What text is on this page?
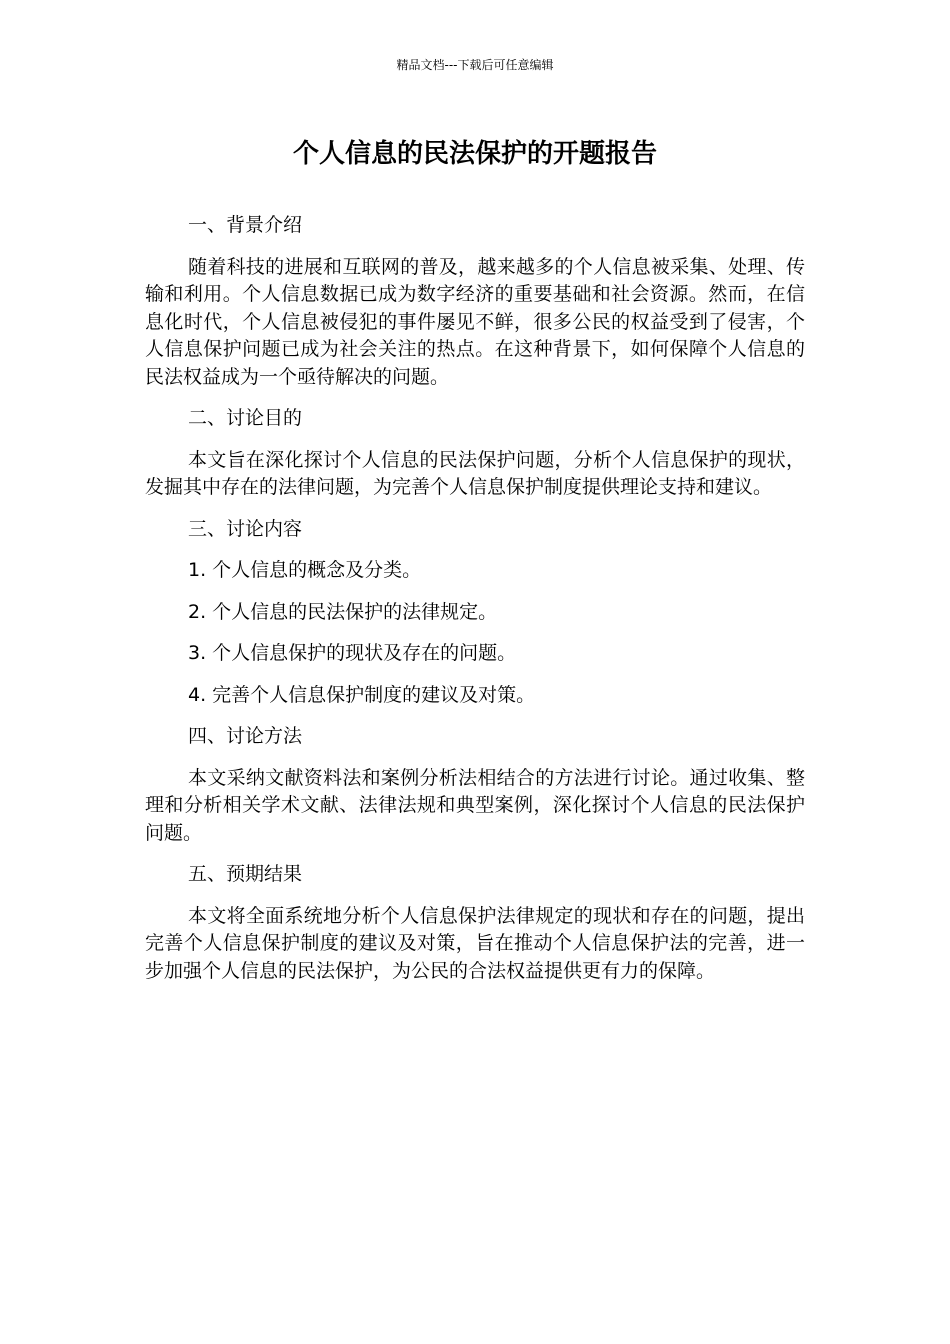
精品文档---下载后可任意编辑
个人信息的民法保护的开题报告

一、背景介绍

随着科技的进展和互联网的普及，越来越多的个人信息被采集、处理、传输和利用。个人信息数据已成为数字经济的重要基础和社会资源。然而，在信息化时代，个人信息被侵犯的事件屡见不鲜，很多公民的权益受到了侵害，个人信息保护问题已成为社会关注的热点。在这种背景下，如何保障个人信息的民法权益成为一个亟待解决的问题。

二、讨论目的

本文旨在深化探讨个人信息的民法保护问题，分析个人信息保护的现状，发掘其中存在的法律问题，为完善个人信息保护制度提供理论支持和建议。

三、讨论内容

1. 个人信息的概念及分类。

2. 个人信息的民法保护的法律规定。

3. 个人信息保护的现状及存在的问题。

4. 完善个人信息保护制度的建议及对策。

四、讨论方法

本文采纳文献资料法和案例分析法相结合的方法进行讨论。通过收集、整理和分析相关学术文献、法律法规和典型案例，深化探讨个人信息的民法保护问题。

五、预期结果

本文将全面系统地分析个人信息保护法律规定的现状和存在的问题，提出完善个人信息保护制度的建议及对策，旨在推动个人信息保护法的完善，进一步加强个人信息的民法保护，为公民的合法权益提供更有力的保障。
